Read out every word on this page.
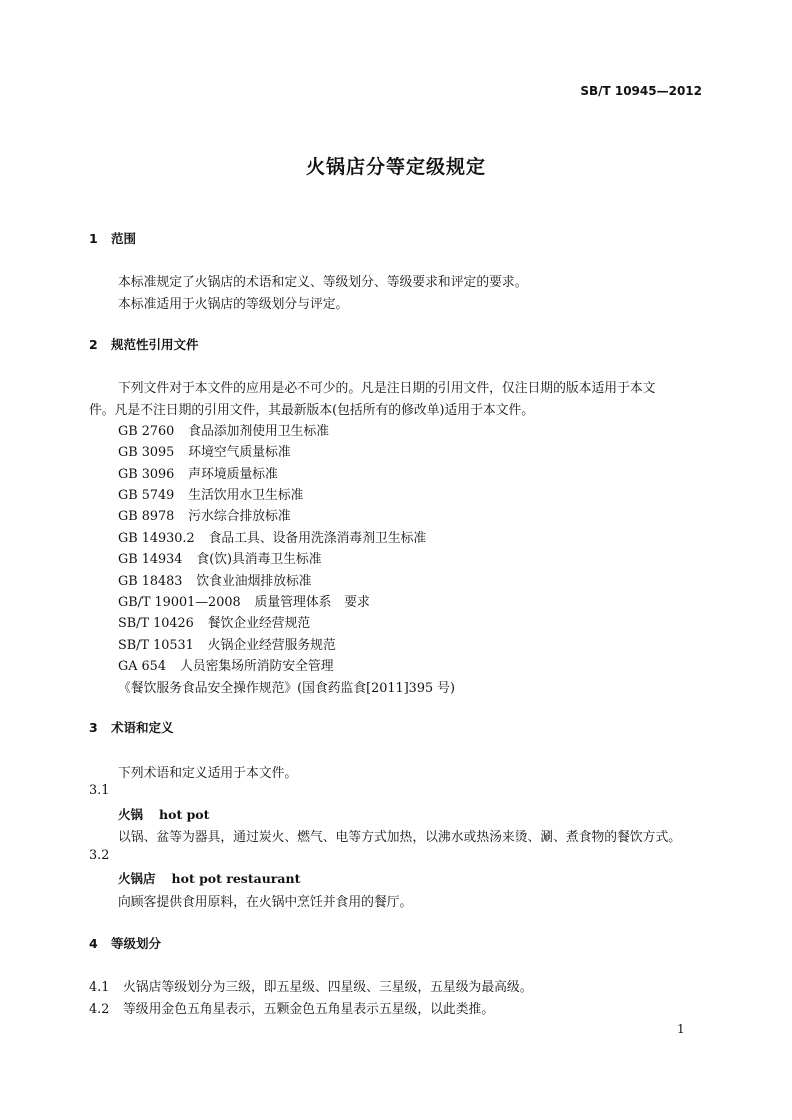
SB/T 10945—2012
火锅店分等定级规定
1 范围
本标准规定了火锅店的术语和定义、等级划分、等级要求和评定的要求。
本标准适用于火锅店的等级划分与评定。
2 规范性引用文件
下列文件对于本文件的应用是必不可少的。凡是注日期的引用文件，仅注日期的版本适用于本文
件。凡是不注日期的引用文件，其最新版本(包括所有的修改单)适用于本文件。
GB 2760 食品添加剂使用卫生标准
GB 3095 环境空气质量标准
GB 3096 声环境质量标准
GB 5749 生活饮用水卫生标准
GB 8978 污水综合排放标准
GB 14930.2 食品工具、设备用洗涤消毒剂卫生标准
GB 14934 食(饮)具消毒卫生标准
GB 18483 饮食业油烟排放标准
GB/T 19001—2008 质量管理体系　要求
SB/T 10426 餐饮企业经营规范
SB/T 10531 火锅企业经营服务规范
GA 654 人员密集场所消防安全管理
《餐饮服务食品安全操作规范》(国食药监食[2011]395 号)
3 术语和定义
下列术语和定义适用于本文件。
3.1
火锅 hot pot
以锅、盆等为器具，通过炭火、燃气、电等方式加热，以沸水或热汤来烫、涮、煮食物的餐饮方式。
3.2
火锅店 hot pot restaurant
向顾客提供食用原料，在火锅中烹饪并食用的餐厅。
4 等级划分
4.1 火锅店等级划分为三级，即五星级、四星级、三星级，五星级为最高级。
4.2 等级用金色五角星表示，五颗金色五角星表示五星级，以此类推。
1
